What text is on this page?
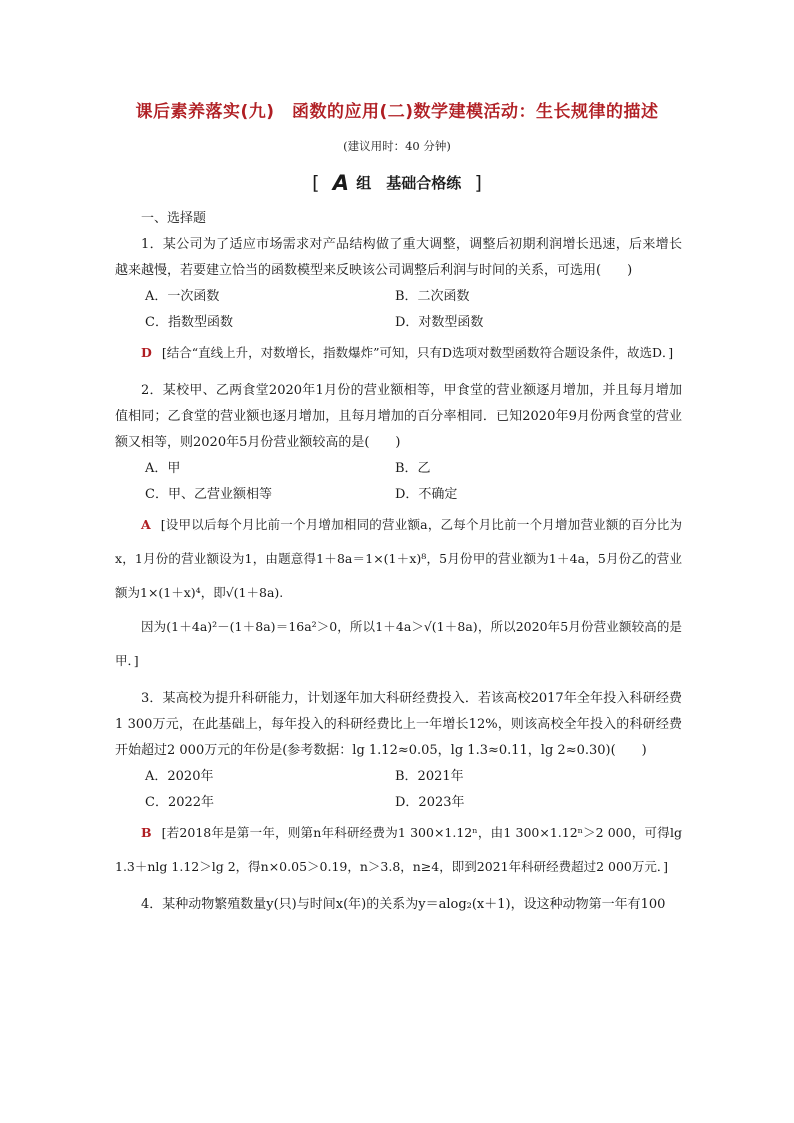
课后素养落实(九)　函数的应用(二)数学建模活动：生长规律的描述
(建议用时：40 分钟)
[ A 组　基础合格练 ]

一、选择题

1．某公司为了适应市场需求对产品结构做了重大调整，调整后初期利润增长迅速，后来增长越来越慢，若要建立恰当的函数模型来反映该公司调整后利润与时间的关系，可选用(　　)

A．一次函数	B．二次函数
C．指数型函数	D．对数型函数

D [结合“直线上升，对数增长，指数爆炸”可知，只有D选项对数型函数符合题设条件，故选D．]

2．某校甲、乙两食堂2020年1月份的营业额相等，甲食堂的营业额逐月增加，并且每月增加值相同；乙食堂的营业额也逐月增加，且每月增加的百分率相同．已知2020年9月份两食堂的营业额又相等，则2020年5月份营业额较高的是(　　)

A．甲	B．乙
C．甲、乙营业额相等	D．不确定

A [设甲以后每个月比前一个月增加相同的营业额a，乙每个月比前一个月增加营业额的百分比为x，1月份的营业额设为1，由题意得1＋8a＝1×(1＋x)⁸，5月份甲的营业额为1＋4a，5月份乙的营业额为1×(1＋x)⁴，即√(1＋8a).

因为(1＋4a)²－(1＋8a)＝16a²＞0，所以1＋4a＞√(1＋8a)，所以2020年5月份营业额较高的是甲．]

3．某高校为提升科研能力，计划逐年加大科研经费投入．若该高校2017年全年投入科研经费1 300万元，在此基础上，每年投入的科研经费比上一年增长12%，则该高校全年投入的科研经费开始超过2 000万元的年份是(参考数据：lg 1.12≈0.05，lg 1.3≈0.11，lg 2≈0.30)(　　)

A．2020年	B．2021年
C．2022年	D．2023年

B [若2018年是第一年，则第n年科研经费为1 300×1.12ⁿ，由1 300×1.12ⁿ＞2 000，可得lg 1.3＋nlg 1.12＞lg 2，得n×0.05＞0.19，n＞3.8，n≥4，即到2021年科研经费超过2 000万元．]

4．某种动物繁殖数量y(只)与时间x(年)的关系为y＝alog₂(x＋1)，设这种动物第一年有100
